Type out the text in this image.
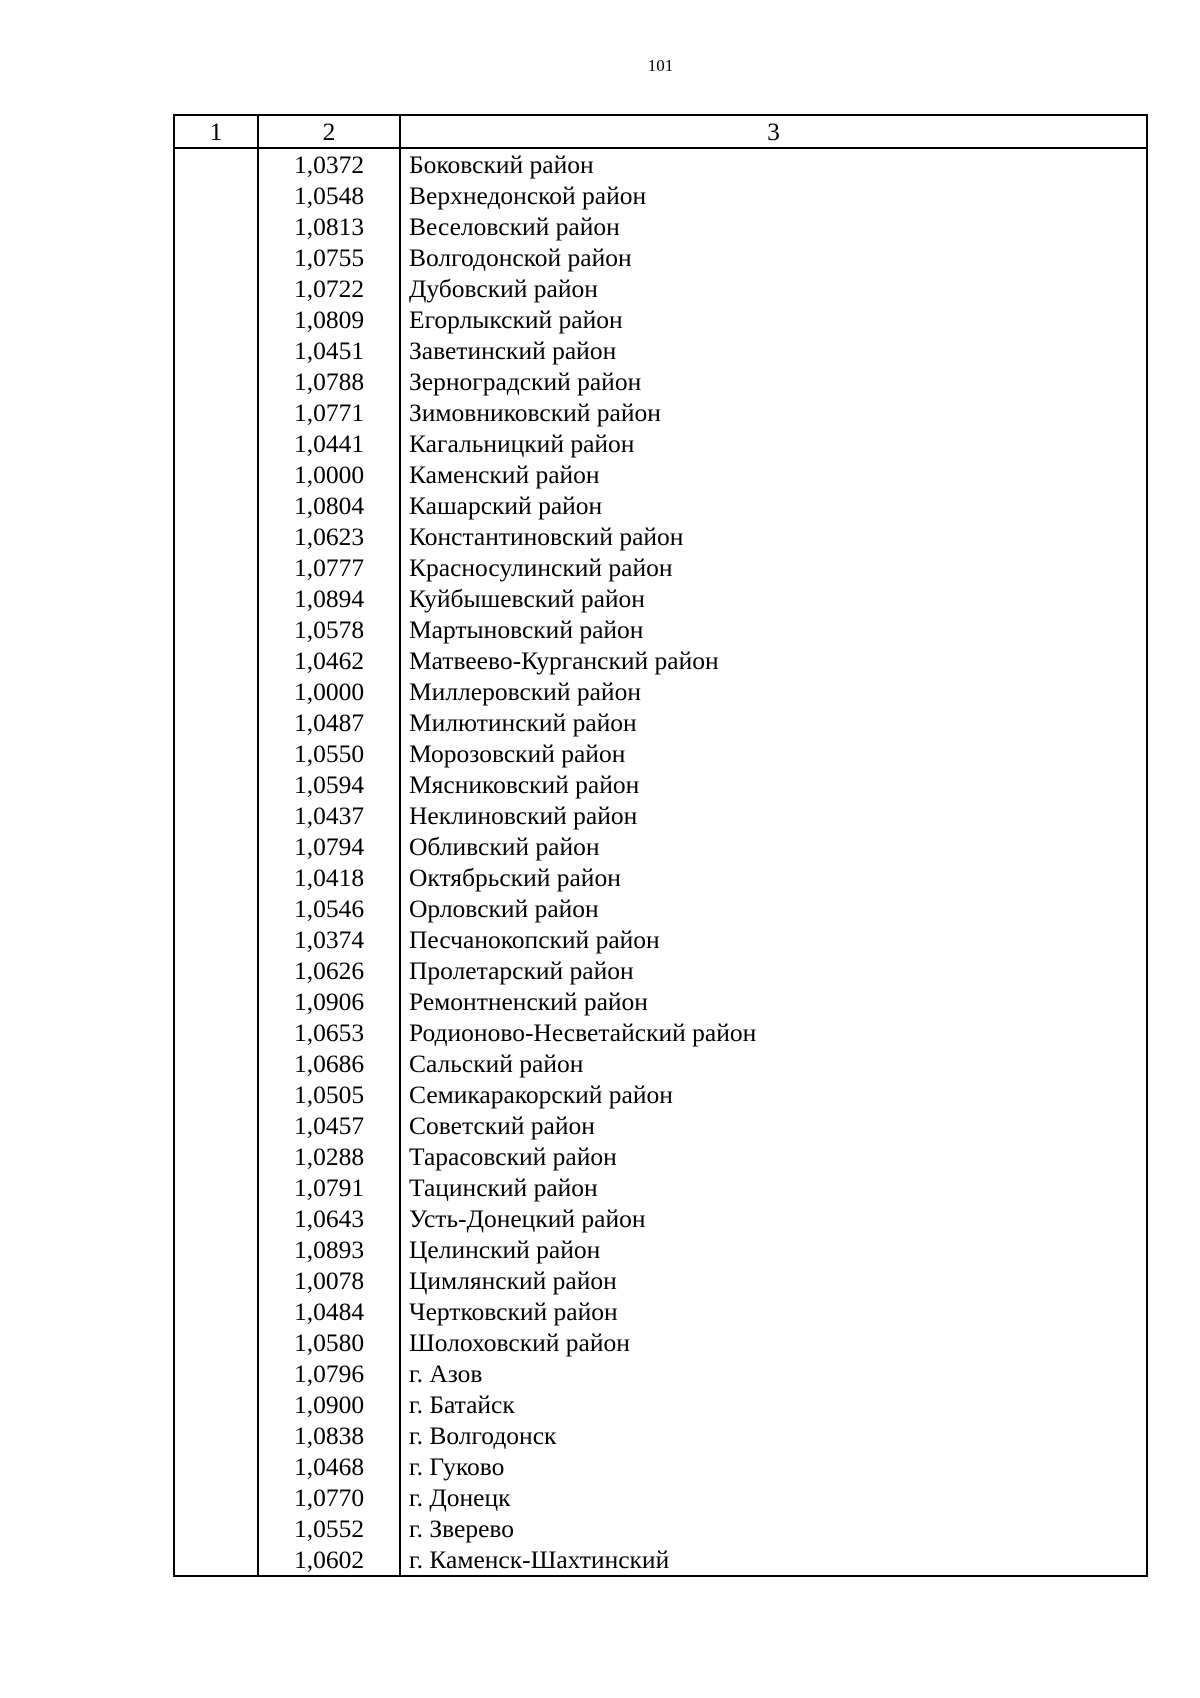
101
1	2	3
	1,0372	Боковский район
	1,0548	Верхнедонской район
	1,0813	Веселовский район
	1,0755	Волгодонской район
	1,0722	Дубовский район
	1,0809	Егорлыкский район
	1,0451	Заветинский район
	1,0788	Зерноградский район
	1,0771	Зимовниковский район
	1,0441	Кагальницкий район
	1,0000	Каменский район
	1,0804	Кашарский район
	1,0623	Константиновский район
	1,0777	Красносулинский район
	1,0894	Куйбышевский район
	1,0578	Мартыновский район
	1,0462	Матвеево-Курганский район
	1,0000	Миллеровский район
	1,0487	Милютинский район
	1,0550	Морозовский район
	1,0594	Мясниковский район
	1,0437	Неклиновский район
	1,0794	Обливский район
	1,0418	Октябрьский район
	1,0546	Орловский район
	1,0374	Песчанокопский район
	1,0626	Пролетарский район
	1,0906	Ремонтненский район
	1,0653	Родионово-Несветайский район
	1,0686	Сальский район
	1,0505	Семикаракорский район
	1,0457	Советский район
	1,0288	Тарасовский район
	1,0791	Тацинский район
	1,0643	Усть-Донецкий район
	1,0893	Целинский район
	1,0078	Цимлянский район
	1,0484	Чертковский район
	1,0580	Шолоховский район
	1,0796	г. Азов
	1,0900	г. Батайск
	1,0838	г. Волгодонск
	1,0468	г. Гуково
	1,0770	г. Донецк
	1,0552	г. Зверево
	1,0602	г. Каменск-Шахтинский
